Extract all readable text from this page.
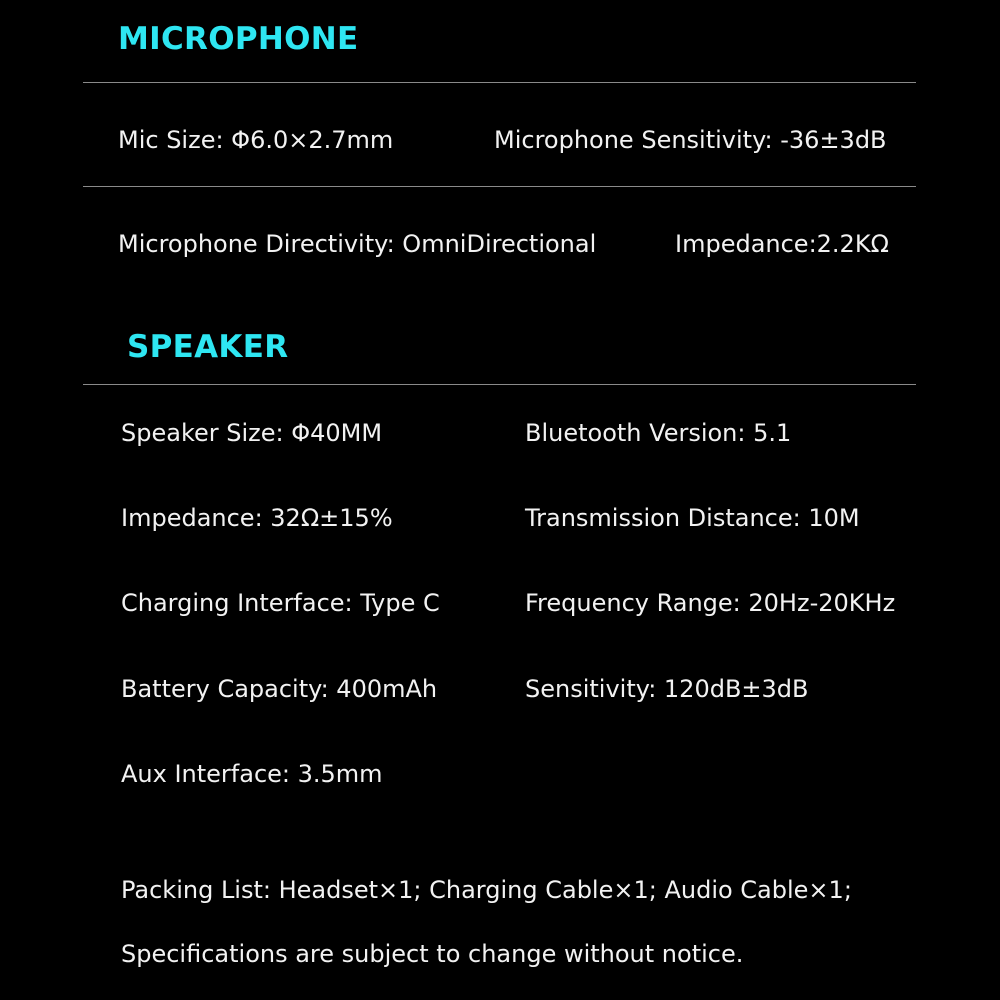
MICROPHONE
Mic Size: Φ6.0×2.7mm	Microphone Sensitivity: -36±3dB
Microphone Directivity: OmniDirectional	Impedance:2.2KΩ
SPEAKER
Speaker Size: Φ40MM	Bluetooth Version: 5.1
Impedance: 32Ω±15%	Transmission Distance: 10M
Charging Interface: Type C	Frequency Range: 20Hz-20KHz
Battery Capacity: 400mAh	Sensitivity: 120dB±3dB
Aux Interface: 3.5mm
Packing List: Headset×1; Charging Cable×1; Audio Cable×1;
Specifications are subject to change without notice.
